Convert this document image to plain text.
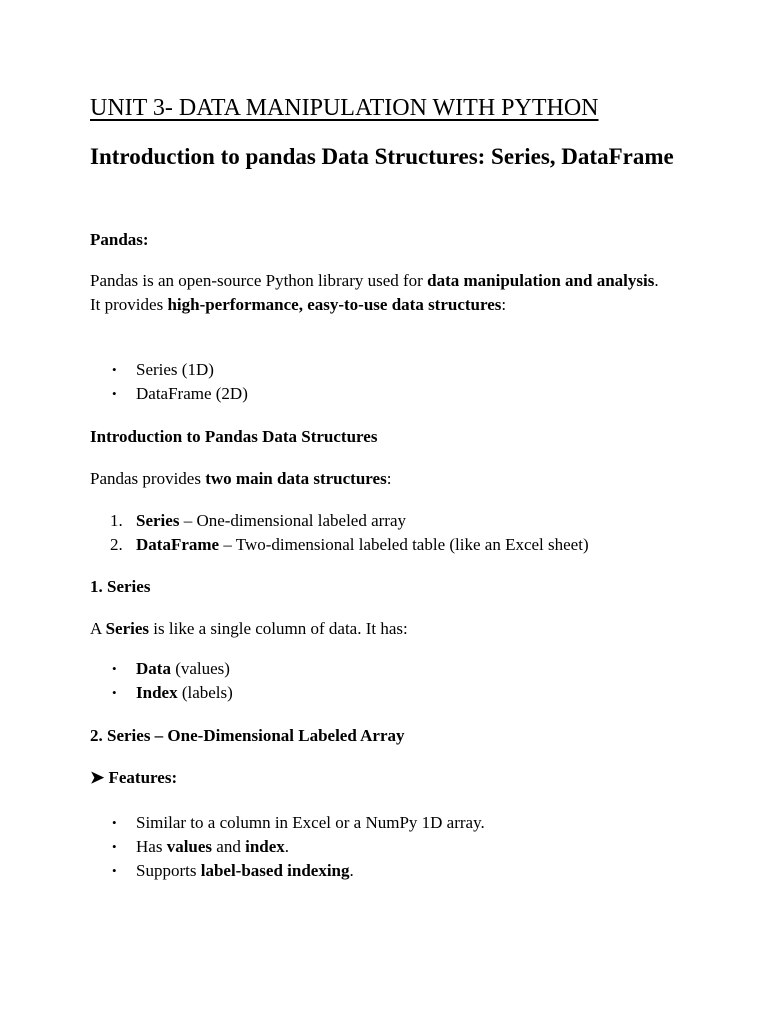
UNIT 3- DATA MANIPULATION WITH PYTHON
Introduction to pandas Data Structures: Series, DataFrame

Pandas:

Pandas is an open-source Python library used for data manipulation and analysis.
It provides high-performance, easy-to-use data structures:

• Series (1D)
• DataFrame (2D)

Introduction to Pandas Data Structures

Pandas provides two main data structures:

1. Series – One-dimensional labeled array
2. DataFrame – Two-dimensional labeled table (like an Excel sheet)

1. Series

A Series is like a single column of data. It has:

• Data (values)
• Index (labels)

2. Series – One-Dimensional Labeled Array

➤ Features:

• Similar to a column in Excel or a NumPy 1D array.
• Has values and index.
• Supports label-based indexing.
